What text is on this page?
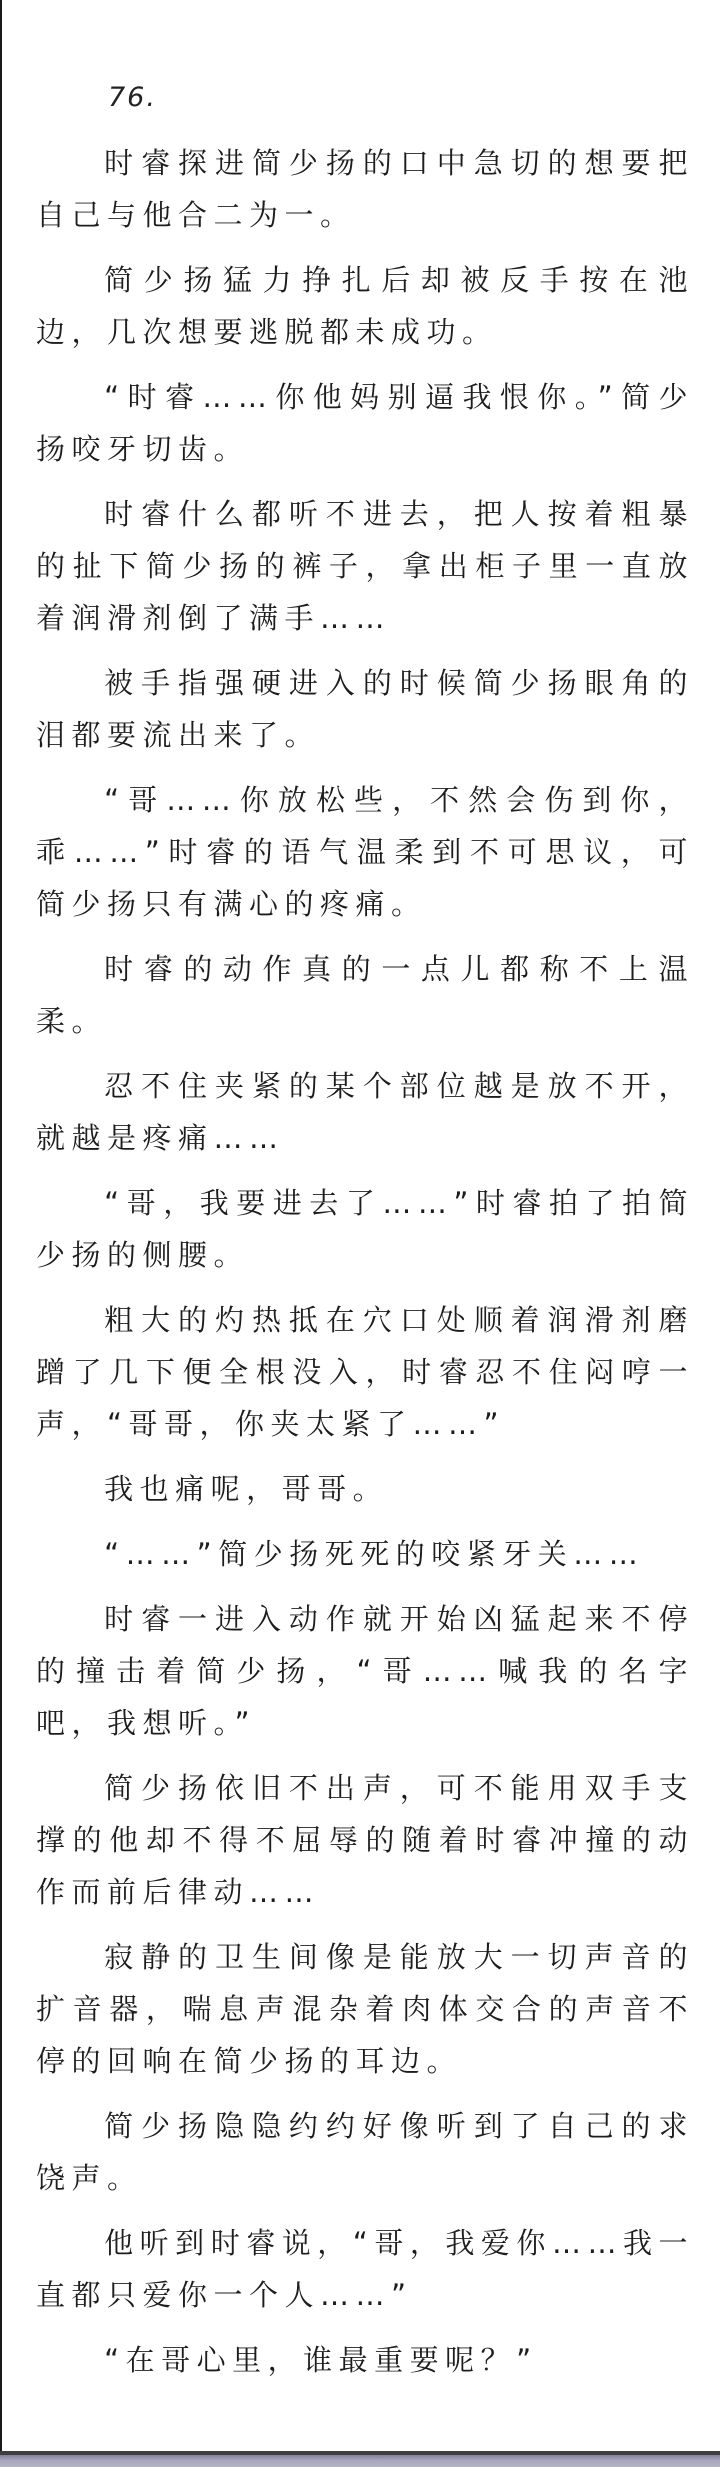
76.

时睿探进简少扬的口中急切的想要把自己与他合二为一。

简少扬猛力挣扎后却被反手按在池边，几次想要逃脱都未成功。

“时睿……你他妈别逼我恨你。”简少扬咬牙切齿。

时睿什么都听不进去，把人按着粗暴的扯下简少扬的裤子，拿出柜子里一直放着润滑剂倒了满手……

被手指强硬进入的时候简少扬眼角的泪都要流出来了。

“哥……你放松些，不然会伤到你，乖……”时睿的语气温柔到不可思议，可简少扬只有满心的疼痛。

时睿的动作真的一点儿都称不上温柔。

忍不住夹紧的某个部位越是放不开，就越是疼痛……

“哥，我要进去了……”时睿拍了拍简少扬的侧腰。

粗大的灼热抵在穴口处顺着润滑剂磨蹭了几下便全根没入，时睿忍不住闷哼一声，“哥哥，你夹太紧了……”

我也痛呢，哥哥。

“……”简少扬死死的咬紧牙关……

时睿一进入动作就开始凶猛起来不停的撞击着简少扬，“哥……喊我的名字吧，我想听。”

简少扬依旧不出声，可不能用双手支撑的他却不得不屈辱的随着时睿冲撞的动作而前后律动……

寂静的卫生间像是能放大一切声音的扩音器，喘息声混杂着肉体交合的声音不停的回响在简少扬的耳边。

简少扬隐隐约约好像听到了自己的求饶声。

他听到时睿说，“哥，我爱你……我一直都只爱你一个人……”

“在哥心里，谁最重要呢？”
